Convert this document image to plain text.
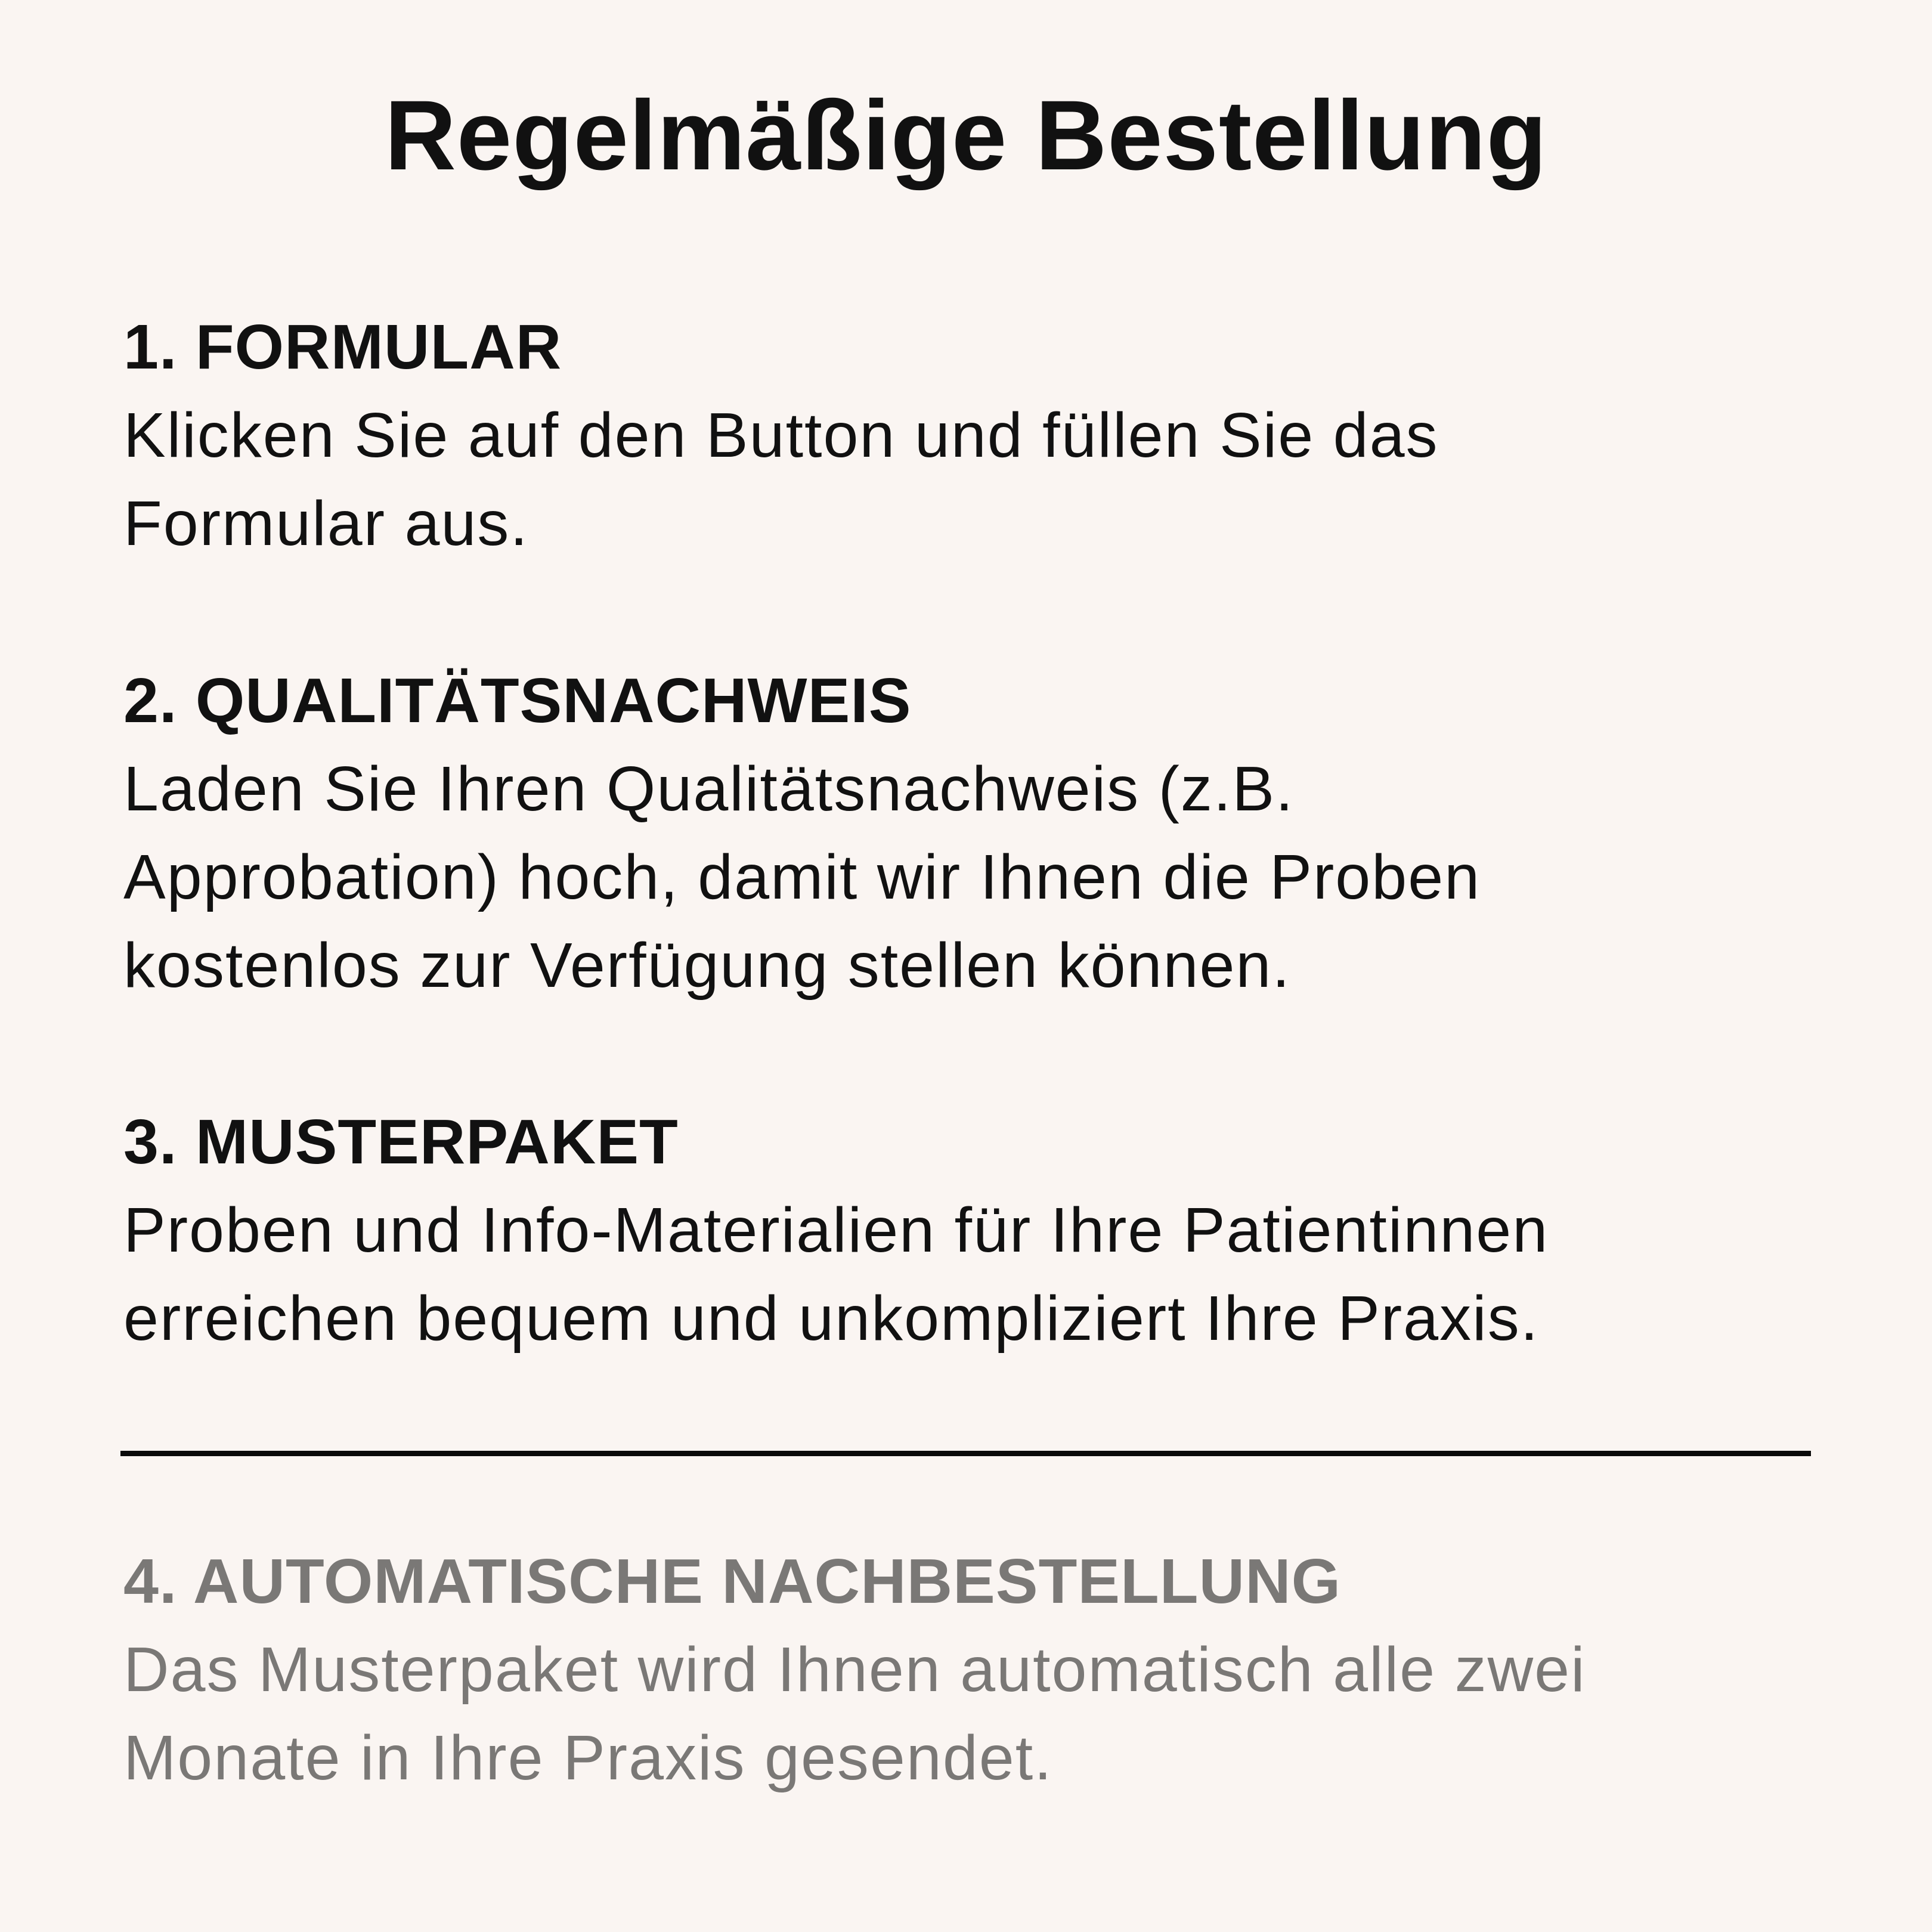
Regelmäßige Bestellung
1. FORMULAR
Klicken Sie auf den Button und füllen Sie das
Formular aus.
2. QUALITÄTSNACHWEIS
Laden Sie Ihren Qualitätsnachweis (z.B.
Approbation) hoch, damit wir Ihnen die Proben
kostenlos zur Verfügung stellen können.
3. MUSTERPAKET
Proben und Info-Materialien für Ihre Patientinnen
erreichen bequem und unkompliziert Ihre Praxis.
4. AUTOMATISCHE NACHBESTELLUNG
Das Musterpaket wird Ihnen automatisch alle zwei
Monate in Ihre Praxis gesendet.
